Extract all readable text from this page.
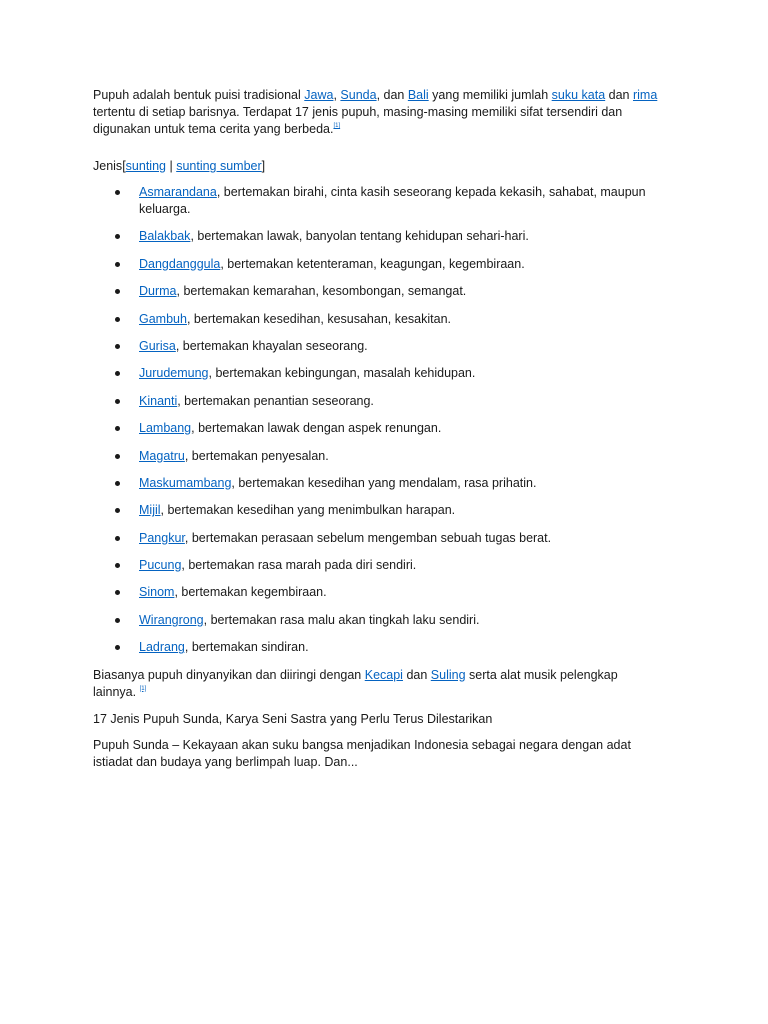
Pupuh adalah bentuk puisi tradisional Jawa, Sunda, dan Bali yang memiliki jumlah suku kata dan rima tertentu di setiap barisnya. Terdapat 17 jenis pupuh, masing-masing memiliki sifat tersendiri dan digunakan untuk tema cerita yang berbeda.[1]

Jenis[sunting | sunting sumber]

Asmarandana, bertemakan birahi, cinta kasih seseorang kepada kekasih, sahabat, maupun keluarga.
Balakbak, bertemakan lawak, banyolan tentang kehidupan sehari-hari.
Dangdanggula, bertemakan ketenteraman, keagungan, kegembiraan.
Durma, bertemakan kemarahan, kesombongan, semangat.
Gambuh, bertemakan kesedihan, kesusahan, kesakitan.
Gurisa, bertemakan khayalan seseorang.
Jurudemung, bertemakan kebingungan, masalah kehidupan.
Kinanti, bertemakan penantian seseorang.
Lambang, bertemakan lawak dengan aspek renungan.
Magatru, bertemakan penyesalan.
Maskumambang, bertemakan kesedihan yang mendalam, rasa prihatin.
Mijil, bertemakan kesedihan yang menimbulkan harapan.
Pangkur, bertemakan perasaan sebelum mengemban sebuah tugas berat.
Pucung, bertemakan rasa marah pada diri sendiri.
Sinom, bertemakan kegembiraan.
Wirangrong, bertemakan rasa malu akan tingkah laku sendiri.
Ladrang, bertemakan sindiran.

Biasanya pupuh dinyanyikan dan diiringi dengan Kecapi dan Suling serta alat musik pelengkap lainnya. [1]

17 Jenis Pupuh Sunda, Karya Seni Sastra yang Perlu Terus Dilestarikan

Pupuh Sunda – Kekayaan akan suku bangsa menjadikan Indonesia sebagai negara dengan adat istiadat dan budaya yang berlimpah luap. Dan...
